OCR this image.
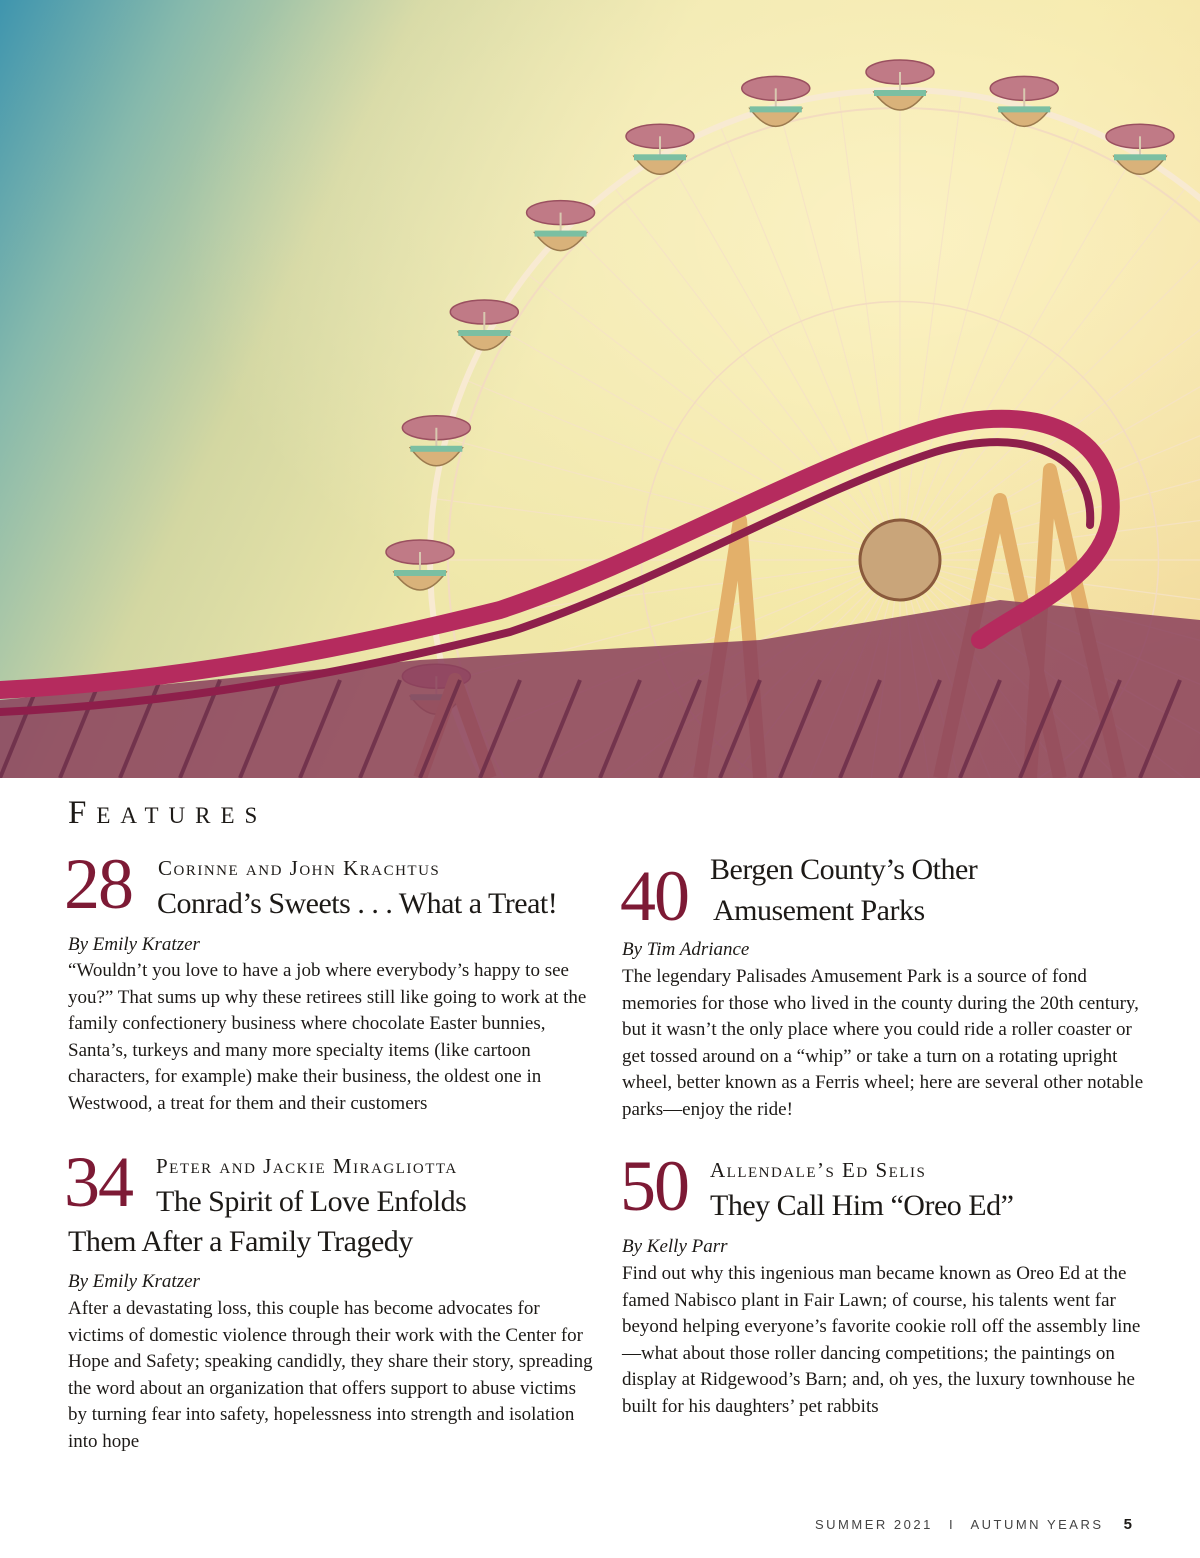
Features
28 Corinne and John Krachtus
Conrad’s Sweets . . . What a Treat!
By Emily Kratzer

“Wouldn’t you love to have a job where everybody’s happy to see you?” That sums up why these retirees still like going to work at the family confectionery business where chocolate Easter bunnies, Santa’s, turkeys and many more specialty items (like cartoon characters, for example) make their business, the oldest one in Westwood, a treat for them and their customers

34 Peter and Jackie Miragliotta
The Spirit of Love Enfolds
Them After a Family Tragedy
By Emily Kratzer

After a devastating loss, this couple has become advocates for victims of domestic violence through their work with the Center for Hope and Safety; speaking candidly, they share their story, spreading the word about an organization that offers support to abuse victims by turning fear into safety, hopelessness into strength and isolation into hope

40 Bergen County’s Other
Amusement Parks
By Tim Adriance

The legendary Palisades Amusement Park is a source of fond memories for those who lived in the county during the 20th century, but it wasn’t the only place where you could ride a roller coaster or get tossed around on a “whip” or take a turn on a rotating upright wheel, better known as a Ferris wheel; here are several other notable parks—enjoy the ride!

50 Allendale’s Ed Selis
They Call Him “Oreo Ed”
By Kelly Parr

Find out why this ingenious man became known as Oreo Ed at the famed Nabisco plant in Fair Lawn; of course, his talents went far beyond helping everyone’s favorite cookie roll off the assembly line—what about those roller dancing competitions; the paintings on display at Ridgewood’s Barn; and, oh yes, the luxury townhouse he built for his daughters’ pet rabbits

SUMMER 2021 I AUTUMN YEARS 5
